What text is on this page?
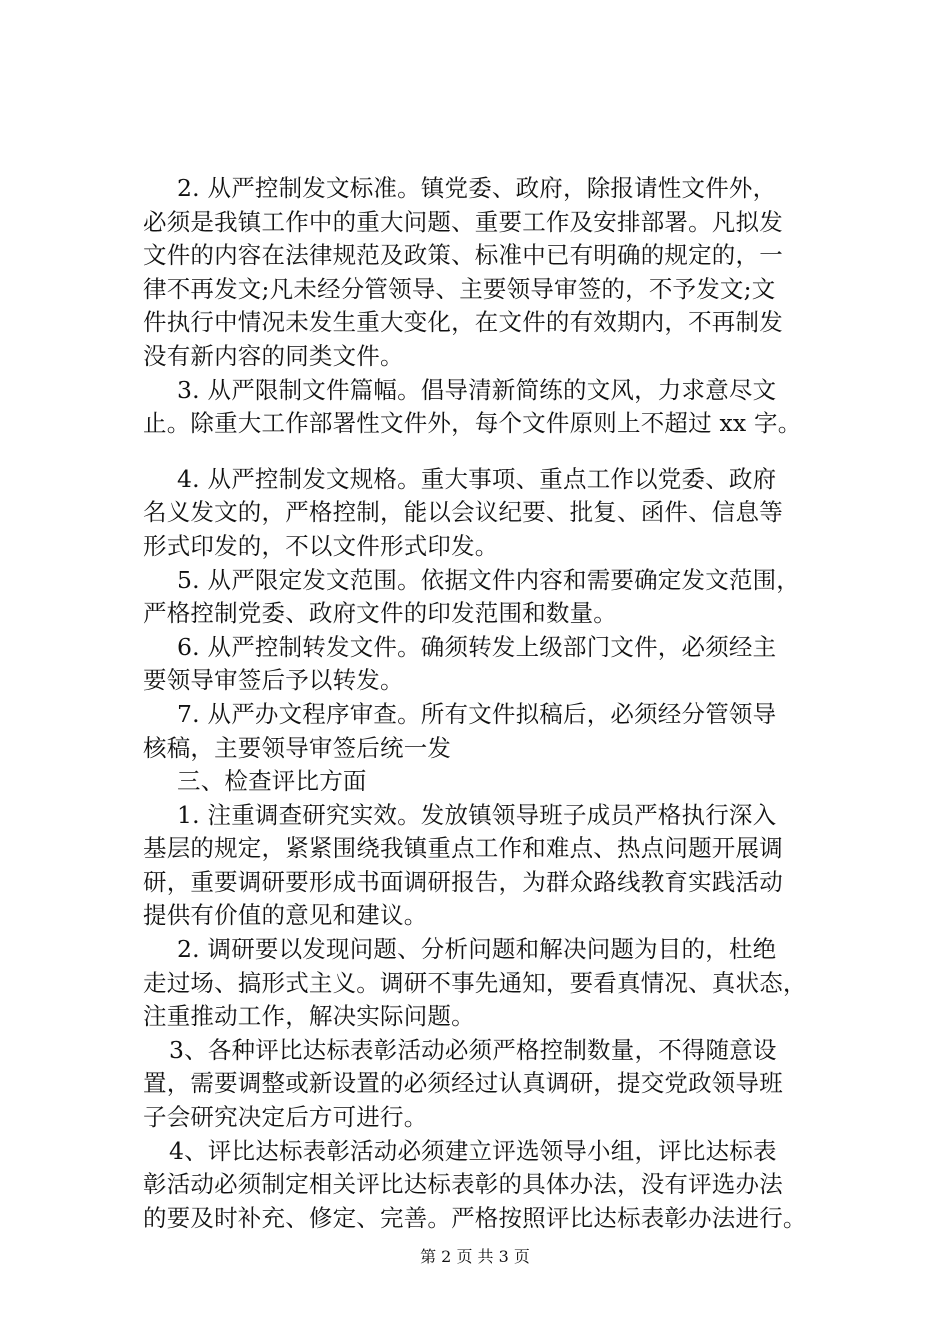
2. 从严控制发文标准。镇党委、政府，除报请性文件外，
必须是我镇工作中的重大问题、重要工作及安排部署。凡拟发
文件的内容在法律规范及政策、标准中已有明确的规定的，一
律不再发文;凡未经分管领导、主要领导审签的，不予发文;文
件执行中情况未发生重大变化，在文件的有效期内，不再制发
没有新内容的同类文件。

3. 从严限制文件篇幅。倡导清新简练的文风，力求意尽文
止。除重大工作部署性文件外，每个文件原则上不超过 xx 字。

4. 从严控制发文规格。重大事项、重点工作以党委、政府
名义发文的，严格控制，能以会议纪要、批复、函件、信息等
形式印发的，不以文件形式印发。

5. 从严限定发文范围。依据文件内容和需要确定发文范围，
严格控制党委、政府文件的印发范围和数量。

6. 从严控制转发文件。确须转发上级部门文件，必须经主
要领导审签后予以转发。

7. 从严办文程序审查。所有文件拟稿后，必须经分管领导
核稿，主要领导审签后统一发

三、检查评比方面

1. 注重调查研究实效。发放镇领导班子成员严格执行深入
基层的规定，紧紧围绕我镇重点工作和难点、热点问题开展调
研，重要调研要形成书面调研报告，为群众路线教育实践活动
提供有价值的意见和建议。

2. 调研要以发现问题、分析问题和解决问题为目的，杜绝
走过场、搞形式主义。调研不事先通知，要看真情况、真状态，
注重推动工作，解决实际问题。

3、各种评比达标表彰活动必须严格控制数量，不得随意设
置，需要调整或新设置的必须经过认真调研，提交党政领导班
子会研究决定后方可进行。

4、评比达标表彰活动必须建立评选领导小组，评比达标表
彰活动必须制定相关评比达标表彰的具体办法，没有评选办法
的要及时补充、修定、完善。严格按照评比达标表彰办法进行。

第 2 页 共 3 页
